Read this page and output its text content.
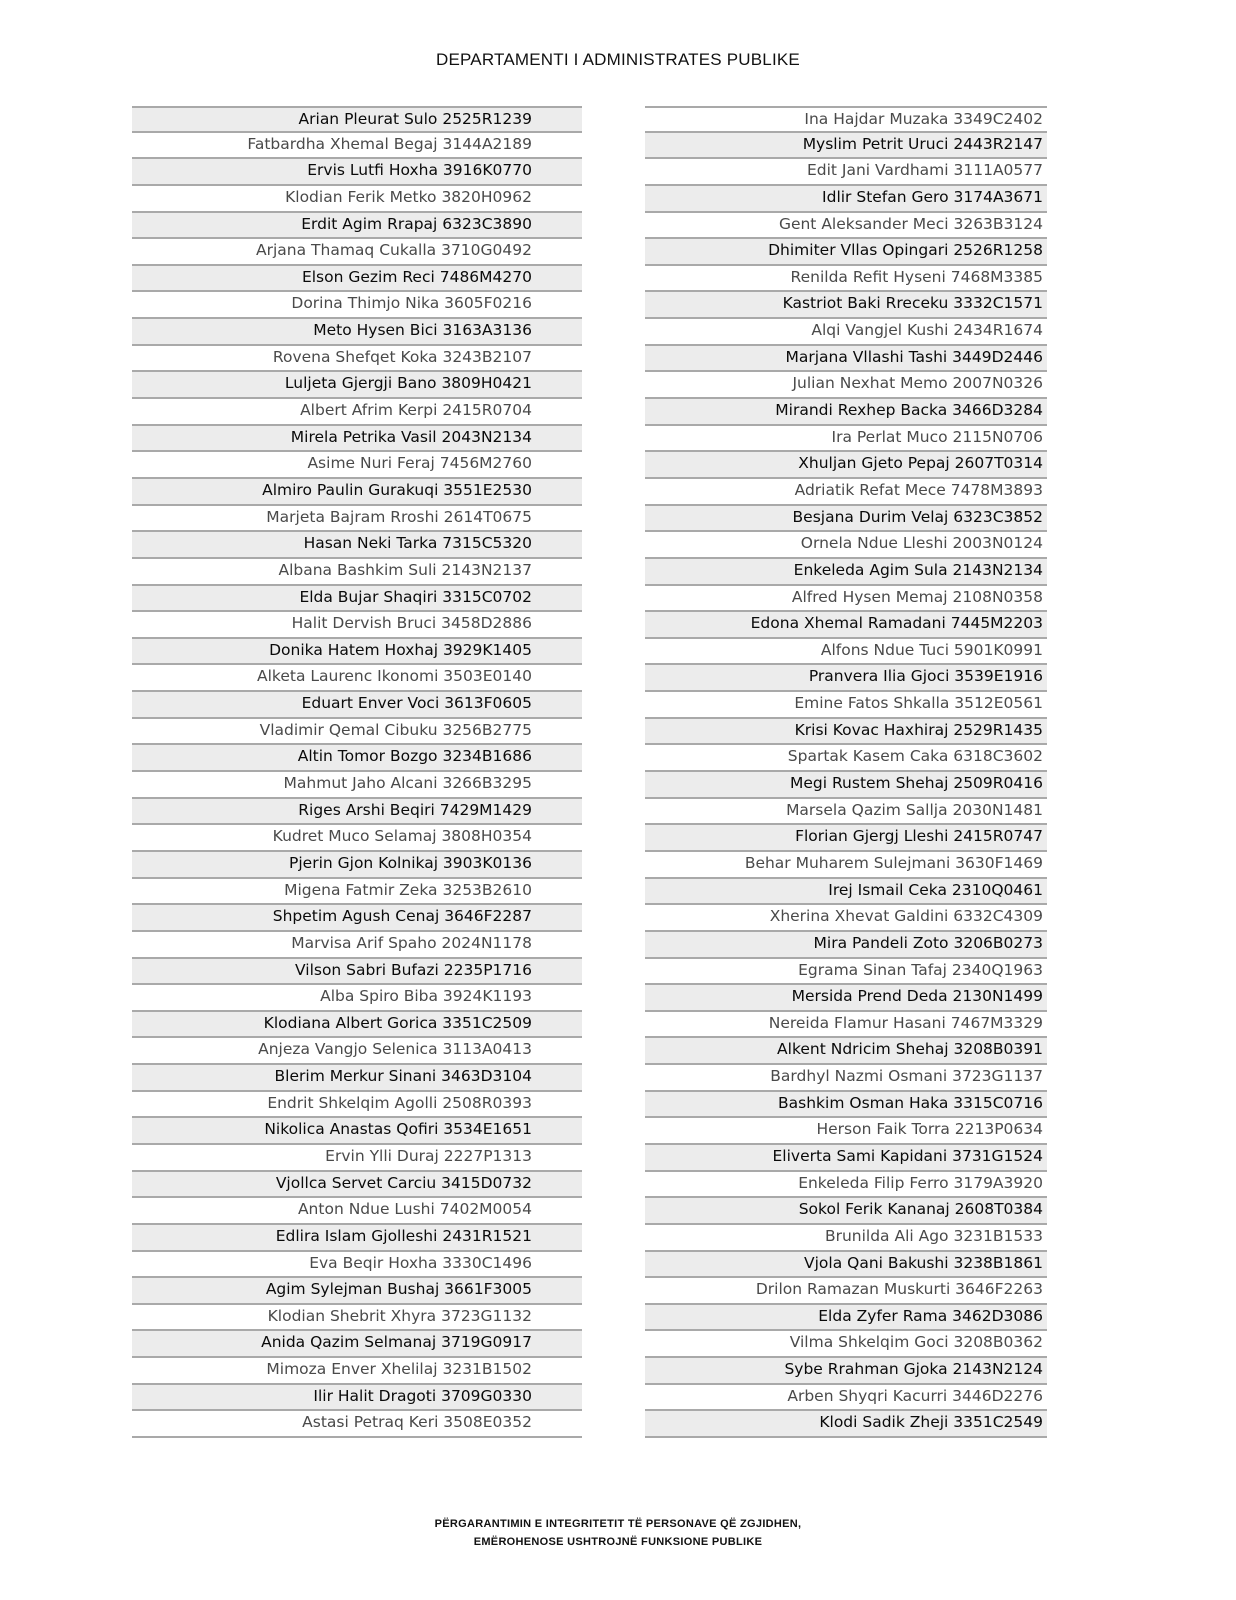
DEPARTAMENTI I ADMINISTRATES PUBLIKE
Arian Pleurat Sulo 2525R1239
Fatbardha Xhemal Begaj 3144A2189
Ervis Lutfi Hoxha 3916K0770
Klodian Ferik Metko 3820H0962
Erdit Agim Rrapaj 6323C3890
Arjana Thamaq Cukalla 3710G0492
Elson Gezim Reci 7486M4270
Dorina Thimjo Nika 3605F0216
Meto Hysen Bici 3163A3136
Rovena Shefqet Koka 3243B2107
Luljeta Gjergji Bano 3809H0421
Albert Afrim Kerpi 2415R0704
Mirela Petrika Vasil 2043N2134
Asime Nuri Feraj 7456M2760
Almiro Paulin Gurakuqi 3551E2530
Marjeta Bajram Rroshi 2614T0675
Hasan Neki Tarka 7315C5320
Albana Bashkim Suli 2143N2137
Elda Bujar Shaqiri 3315C0702
Halit Dervish Bruci 3458D2886
Donika Hatem Hoxhaj 3929K1405
Alketa Laurenc Ikonomi 3503E0140
Eduart Enver Voci 3613F0605
Vladimir Qemal Cibuku 3256B2775
Altin Tomor Bozgo 3234B1686
Mahmut Jaho Alcani 3266B3295
Riges Arshi Beqiri 7429M1429
Kudret Muco Selamaj 3808H0354
Pjerin Gjon Kolnikaj 3903K0136
Migena Fatmir Zeka 3253B2610
Shpetim Agush Cenaj 3646F2287
Marvisa Arif Spaho 2024N1178
Vilson Sabri Bufazi 2235P1716
Alba Spiro Biba 3924K1193
Klodiana Albert Gorica 3351C2509
Anjeza Vangjo Selenica 3113A0413
Blerim Merkur Sinani 3463D3104
Endrit Shkelqim Agolli 2508R0393
Nikolica Anastas Qofiri 3534E1651
Ervin Ylli Duraj 2227P1313
Vjollca Servet Carciu 3415D0732
Anton Ndue Lushi 7402M0054
Edlira Islam Gjolleshi 2431R1521
Eva Beqir Hoxha 3330C1496
Agim Sylejman Bushaj 3661F3005
Klodian Shebrit Xhyra 3723G1132
Anida Qazim Selmanaj 3719G0917
Mimoza Enver Xhelilaj 3231B1502
Ilir Halit Dragoti 3709G0330
Astasi Petraq Keri 3508E0352
Ina Hajdar Muzaka 3349C2402
Myslim Petrit Uruci 2443R2147
Edit Jani Vardhami 3111A0577
Idlir Stefan Gero 3174A3671
Gent Aleksander Meci 3263B3124
Dhimiter Vllas Opingari 2526R1258
Renilda Refit Hyseni 7468M3385
Kastriot Baki Rreceku 3332C1571
Alqi Vangjel Kushi 2434R1674
Marjana Vllashi Tashi 3449D2446
Julian Nexhat Memo 2007N0326
Mirandi Rexhep Backa 3466D3284
Ira Perlat Muco 2115N0706
Xhuljan Gjeto Pepaj 2607T0314
Adriatik Refat Mece 7478M3893
Besjana Durim Velaj 6323C3852
Ornela Ndue Lleshi 2003N0124
Enkeleda Agim Sula 2143N2134
Alfred Hysen Memaj 2108N0358
Edona Xhemal Ramadani 7445M2203
Alfons Ndue Tuci 5901K0991
Pranvera Ilia Gjoci 3539E1916
Emine Fatos Shkalla 3512E0561
Krisi Kovac Haxhiraj 2529R1435
Spartak Kasem Caka 6318C3602
Megi Rustem Shehaj 2509R0416
Marsela Qazim Sallja 2030N1481
Florian Gjergj Lleshi 2415R0747
Behar Muharem Sulejmani 3630F1469
Irej Ismail Ceka 2310Q0461
Xherina Xhevat Galdini 6332C4309
Mira Pandeli Zoto 3206B0273
Egrama Sinan Tafaj 2340Q1963
Mersida Prend Deda 2130N1499
Nereida Flamur Hasani 7467M3329
Alkent Ndricim Shehaj 3208B0391
Bardhyl Nazmi Osmani 3723G1137
Bashkim Osman Haka 3315C0716
Herson Faik Torra 2213P0634
Eliverta Sami Kapidani 3731G1524
Enkeleda Filip Ferro 3179A3920
Sokol Ferik Kananaj 2608T0384
Brunilda Ali Ago 3231B1533
Vjola Qani Bakushi 3238B1861
Drilon Ramazan Muskurti 3646F2263
Elda Zyfer Rama 3462D3086
Vilma Shkelqim Goci 3208B0362
Sybe Rrahman Gjoka 2143N2124
Arben Shyqri Kacurri 3446D2276
Klodi Sadik Zheji 3351C2549
PËRGARANTIMIN E INTEGRITETIT TË PERSONAVE QË ZGJIDHEN,
EMËROHENOSE USHTROJNË FUNKSIONE PUBLIKE
